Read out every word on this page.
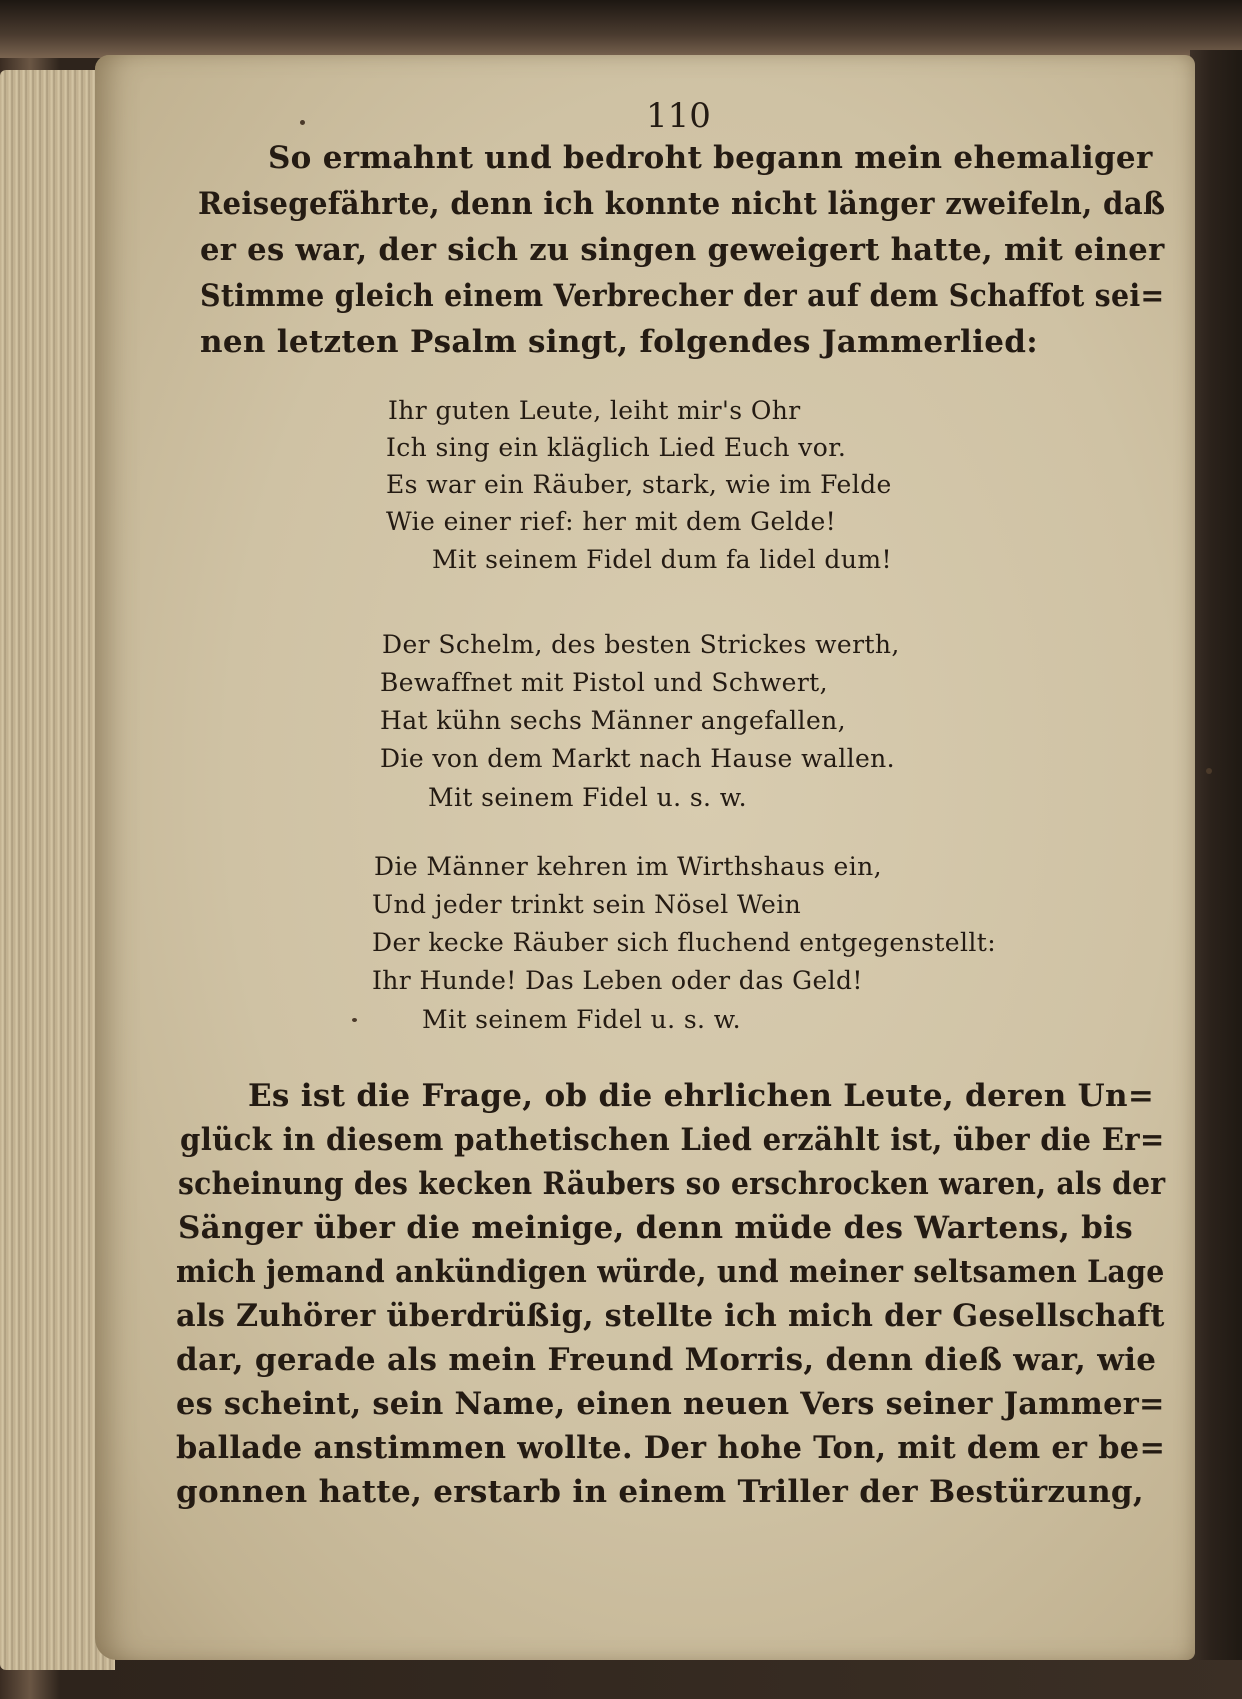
110
So ermahnt und bedroht begann mein ehemaliger
Reisegefährte, denn ich konnte nicht länger zweifeln, daß
er es war, der sich zu singen geweigert hatte, mit einer
Stimme gleich einem Verbrecher der auf dem Schaffot sei=
nen letzten Psalm singt, folgendes Jammerlied:
Ihr guten Leute, leiht mir's Ohr
Ich sing ein kläglich Lied Euch vor.
Es war ein Räuber, stark, wie im Felde
Wie einer rief: her mit dem Gelde!
Mit seinem Fidel dum fa lidel dum!
Der Schelm, des besten Strickes werth,
Bewaffnet mit Pistol und Schwert,
Hat kühn sechs Männer angefallen,
Die von dem Markt nach Hause wallen.
Mit seinem Fidel u. s. w.
Die Männer kehren im Wirthshaus ein,
Und jeder trinkt sein Nösel Wein
Der kecke Räuber sich fluchend entgegenstellt:
Ihr Hunde! Das Leben oder das Geld!
Mit seinem Fidel u. s. w.
Es ist die Frage, ob die ehrlichen Leute, deren Un=
glück in diesem pathetischen Lied erzählt ist, über die Er=
scheinung des kecken Räubers so erschrocken waren, als der
Sänger über die meinige, denn müde des Wartens, bis
mich jemand ankündigen würde, und meiner seltsamen Lage
als Zuhörer überdrüßig, stellte ich mich der Gesellschaft
dar, gerade als mein Freund Morris, denn dieß war, wie
es scheint, sein Name, einen neuen Vers seiner Jammer=
ballade anstimmen wollte. Der hohe Ton, mit dem er be=
gonnen hatte, erstarb in einem Triller der Bestürzung,
